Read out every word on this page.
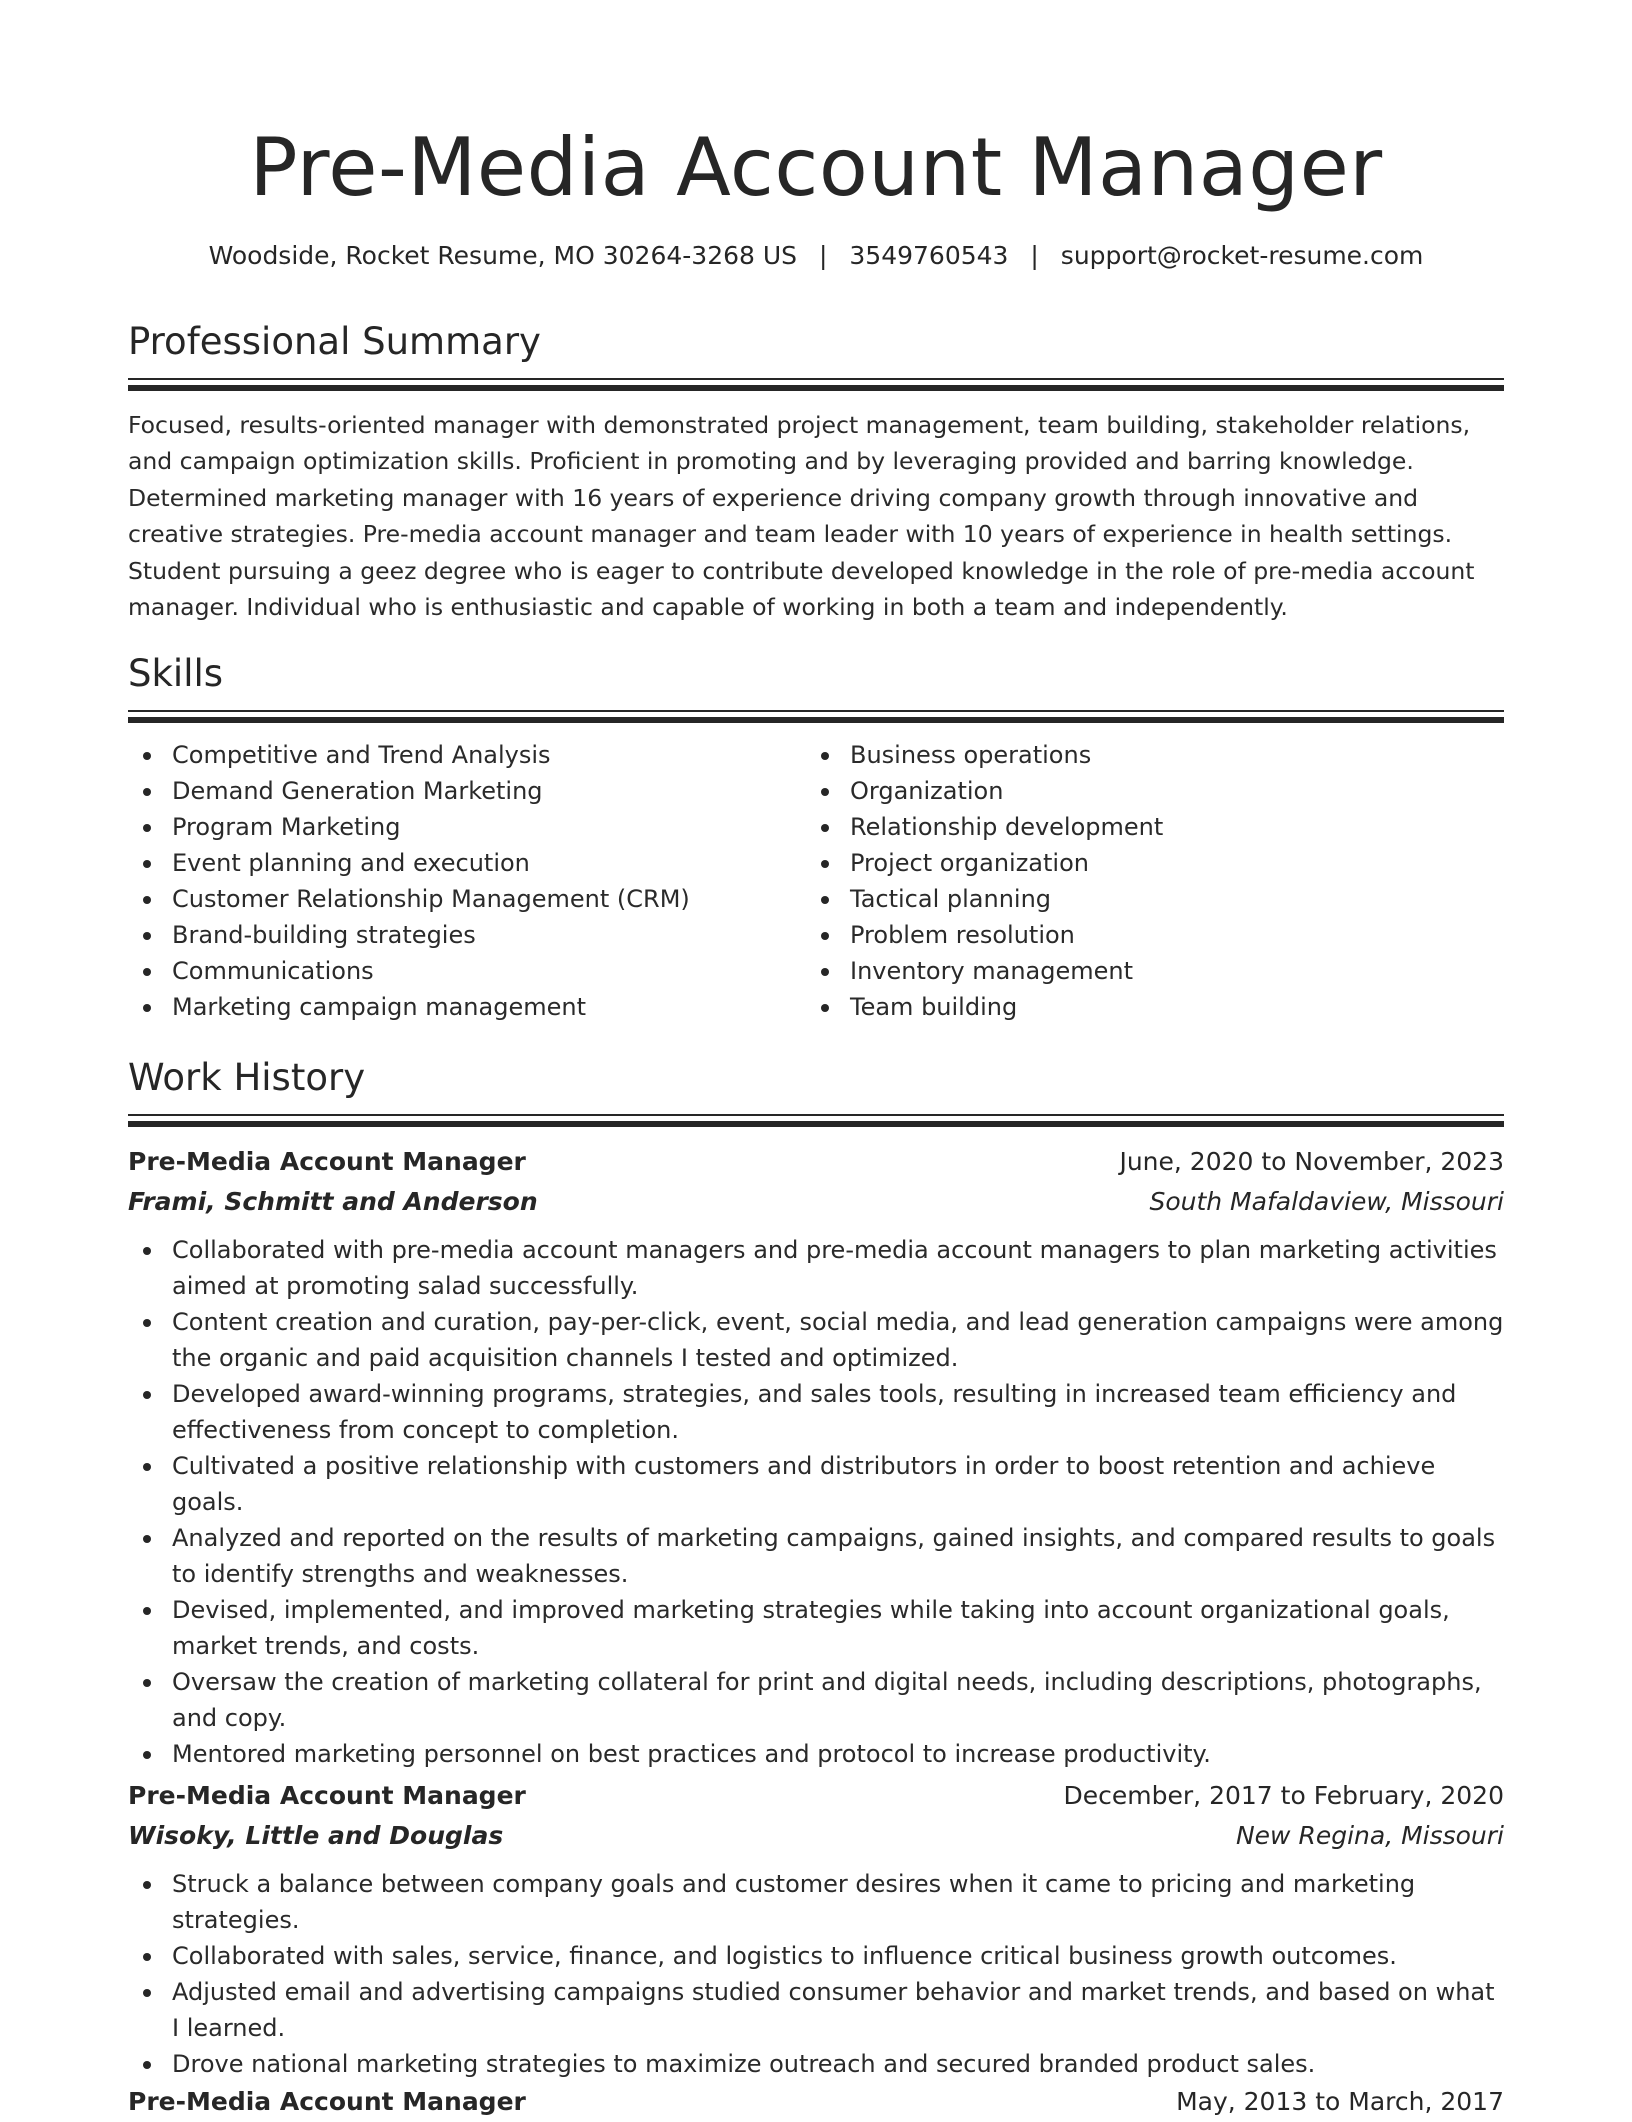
Pre-Media Account Manager
Woodside, Rocket Resume, MO 30264-3268 US | 3549760543 | support@rocket-resume.com
Professional Summary

Focused, results-oriented manager with demonstrated project management, team building, stakeholder relations, and campaign optimization skills. Proficient in promoting and by leveraging provided and barring knowledge. Determined marketing manager with 16 years of experience driving company growth through innovative and creative strategies. Pre-media account manager and team leader with 10 years of experience in health settings. Student pursuing a geez degree who is eager to contribute developed knowledge in the role of pre-media account manager. Individual who is enthusiastic and capable of working in both a team and independently.

Skills
Competitive and Trend Analysis
Demand Generation Marketing
Program Marketing
Event planning and execution
Customer Relationship Management (CRM)
Brand-building strategies
Communications
Marketing campaign management
Business operations
Organization
Relationship development
Project organization
Tactical planning
Problem resolution
Inventory management
Team building
Work History
Pre-Media Account Manager	June, 2020 to November, 2023
Frami, Schmitt and Anderson	South Mafaldaview, Missouri
Collaborated with pre-media account managers and pre-media account managers to plan marketing activities aimed at promoting salad successfully.
Content creation and curation, pay-per-click, event, social media, and lead generation campaigns were among the organic and paid acquisition channels I tested and optimized.
Developed award-winning programs, strategies, and sales tools, resulting in increased team efficiency and effectiveness from concept to completion.
Cultivated a positive relationship with customers and distributors in order to boost retention and achieve goals.
Analyzed and reported on the results of marketing campaigns, gained insights, and compared results to goals to identify strengths and weaknesses.
Devised, implemented, and improved marketing strategies while taking into account organizational goals, market trends, and costs.
Oversaw the creation of marketing collateral for print and digital needs, including descriptions, photographs, and copy.
Mentored marketing personnel on best practices and protocol to increase productivity.
Pre-Media Account Manager	December, 2017 to February, 2020
Wisoky, Little and Douglas	New Regina, Missouri
Struck a balance between company goals and customer desires when it came to pricing and marketing strategies.
Collaborated with sales, service, finance, and logistics to influence critical business growth outcomes.
Adjusted email and advertising campaigns studied consumer behavior and market trends, and based on what I learned.
Drove national marketing strategies to maximize outreach and secured branded product sales.
Pre-Media Account Manager	May, 2013 to March, 2017
